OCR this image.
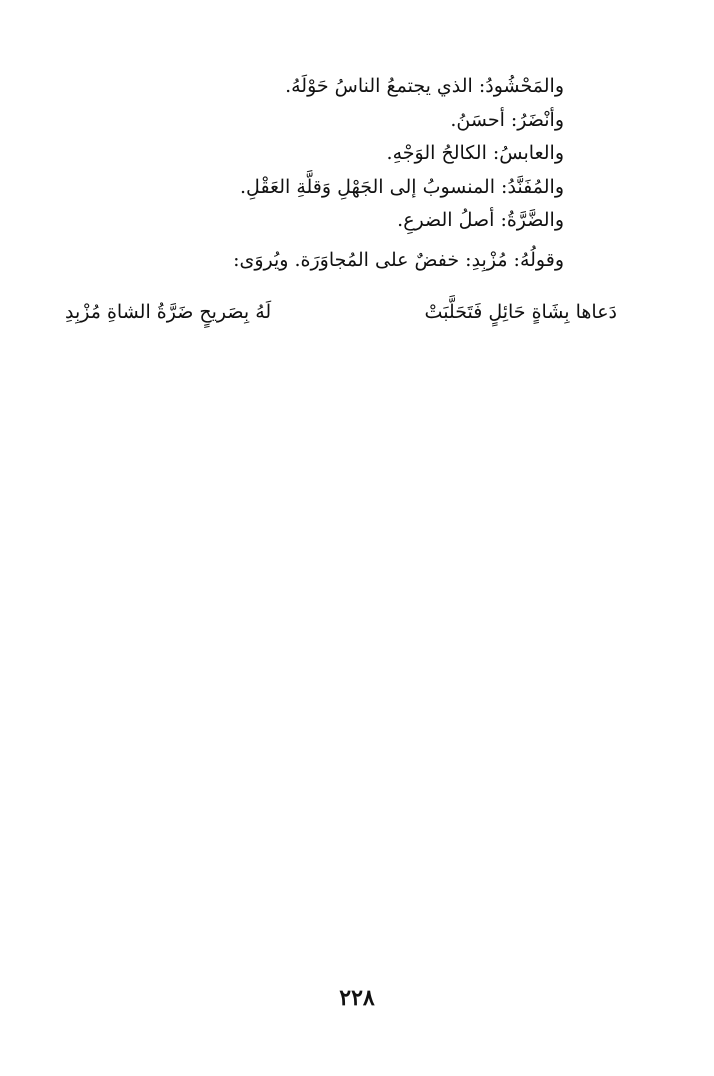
والمَحْشُودُ: الذي يجتمعُ الناسُ حَوْلَهُ.
وأنْضَرُ: أحسَنُ.
والعابسُ: الكالحُ الوَجْهِ.
والمُفَنَّدُ: المنسوبُ إلى الجَهْلِ وَقلَّةِ العَقْلِ.
والضَّرَّةُ: أصلُ الضرعِ.
وقولُهُ: مُزْبِدِ: خفضٌ على المُجاوَرَة. ويُروَى:
دَعاها بِشَاةٍ حَائِلٍ فَتَحَلَّبَتْ
لَهُ بِصَريحٍ ضَرَّةُ الشاةِ مُزْبِدِ
٢٢٨
